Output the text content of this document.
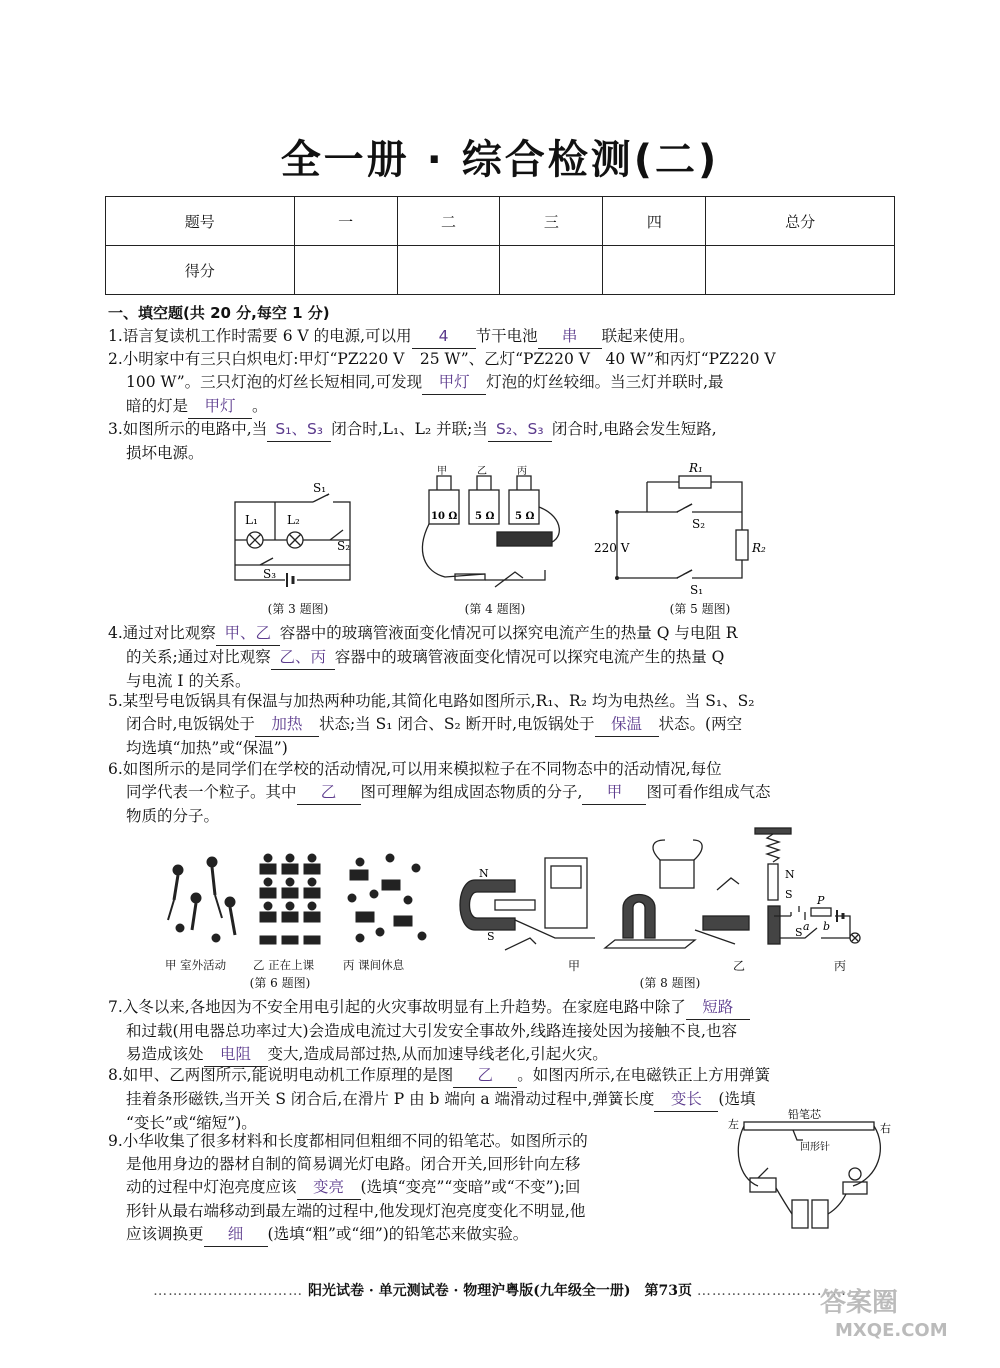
全一册 · 综合检测(二)
题号	一	二	三	四	总分
得分					
一、填空题(共 20 分,每空 1 分)
1.语言复读机工作时需要 6 V 的电源,可以用 4 节干电池 串 联起来使用。
2.小明家中有三只白炽电灯:甲灯“PZ220 V　25 W”、乙灯“PZ220 V　40 W”和丙灯“PZ220 V
100 W”。三只灯泡的灯丝长短相同,可发现 甲灯 灯泡的灯丝较细。当三灯并联时,最
暗的灯是 甲灯 。
3.如图所示的电路中,当 S₁、S₃ 闭合时,L₁、L₂ 并联;当 S₂、S₃ 闭合时,电路会发生短路,
损坏电源。
L₁ L₂
S₁
S₂
S₃
(第 3 题图)
甲	乙	丙
10 Ω 5 Ω 5 Ω
(第 4 题图)
R₁
R₂
S₂
S₁
220 V
(第 5 题图)
4.通过对比观察 甲、乙 容器中的玻璃管液面变化情况可以探究电流产生的热量 Q 与电阻 R
的关系;通过对比观察 乙、丙 容器中的玻璃管液面变化情况可以探究电流产生的热量 Q
与电流 I 的关系。
5.某型号电饭锅具有保温与加热两种功能,其简化电路如图所示,R₁、R₂ 均为电热丝。当 S₁、S₂
闭合时,电饭锅处于 加热 状态;当 S₁ 闭合、S₂ 断开时,电饭锅处于 保温 状态。(两空
均选填“加热”或“保温”)
6.如图所示的是同学们在学校的活动情况,可以用来模拟粒子在不同物态中的活动情况,每位
同学代表一个粒子。其中 乙 图可理解为组成固态物质的分子, 甲 图可看作组成气态
物质的分子。
甲 室外活动 乙 正在上课	丙 课间休息
(第 6 题图)
N
S
N
S P
a b
S
甲	乙	丙
(第 8 题图)
7.入冬以来,各地因为不安全用电引起的火灾事故明显有上升趋势。在家庭电路中除了 短路
和过载(用电器总功率过大)会造成电流过大引发安全事故外,线路连接处因为接触不良,也容
易造成该处 电阻 变大,造成局部过热,从而加速导线老化,引起火灾。
8.如甲、乙两图所示,能说明电动机工作原理的是图 乙 。如图丙所示,在电磁铁正上方用弹簧
挂着条形磁铁,当开关 S 闭合后,在滑片 P 由 b 端向 a 端滑动过程中,弹簧长度 变长 (选填
“变长”或“缩短”)。
9.小华收集了很多材料和长度都相同但粗细不同的铅笔芯。如图所示的
是他用身边的器材自制的简易调光灯电路。闭合开关,回形针向左移
动的过程中灯泡亮度应该 变亮 (选填“变亮”“变暗”或“不变”);回
形针从最右端移动到最左端的过程中,他发现灯泡亮度变化不明显,他
应该调换更 细 (选填“粗”或“细”)的铅笔芯来做实验。
左	右
铅笔芯
回形针
………………………… 阳光试卷 · 单元测试卷 · 物理沪粤版(九年级全一册)　第73页 …………………………
答案圈
MXQE.COM
